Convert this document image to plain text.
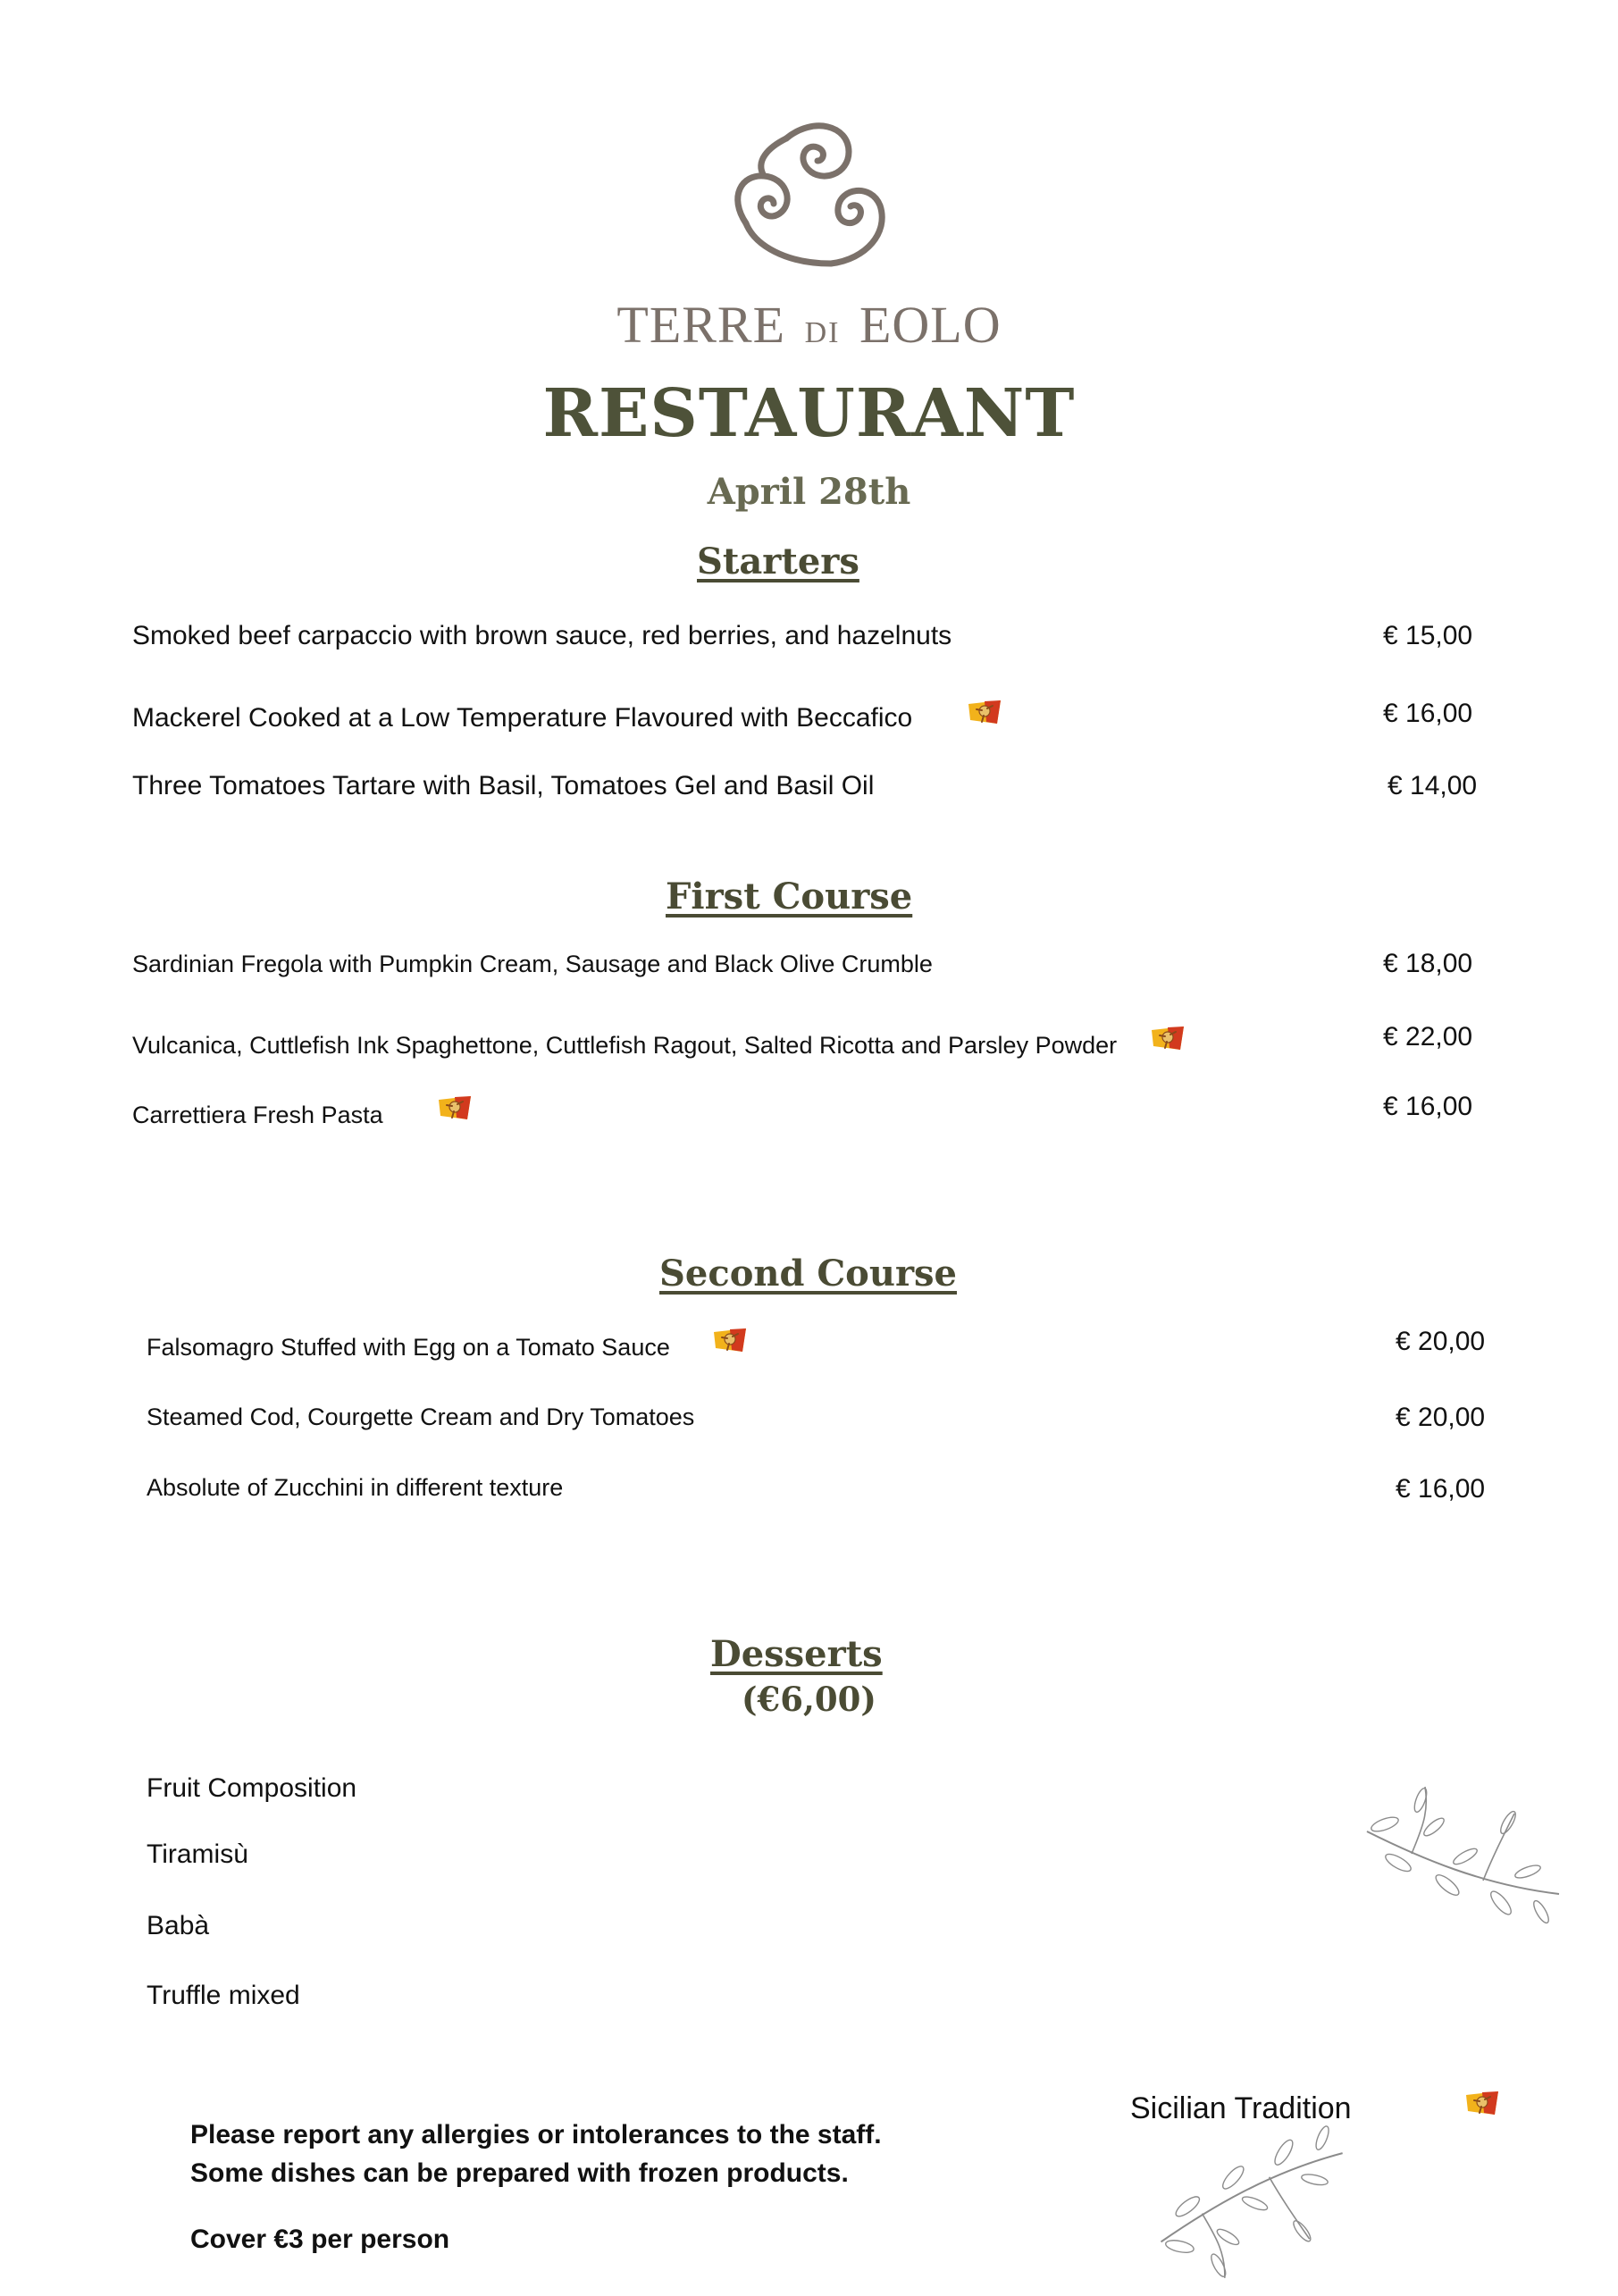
TERRE DI EOLO
RESTAURANT
April 28th
Starters
Smoked beef carpaccio with brown sauce, red berries, and hazelnuts	€ 15,00
Mackerel Cooked at a Low Temperature Flavoured with Beccafico	€ 16,00
Three Tomatoes Tartare with Basil, Tomatoes Gel and Basil Oil	€ 14,00
First Course
Sardinian Fregola with Pumpkin Cream, Sausage and Black Olive Crumble	€ 18,00
Vulcanica, Cuttlefish Ink Spaghettone, Cuttlefish Ragout, Salted Ricotta and Parsley Powder	€ 22,00
Carrettiera Fresh Pasta	€ 16,00
Second Course
Falsomagro Stuffed with Egg on a Tomato Sauce	€ 20,00
Steamed Cod, Courgette Cream and Dry Tomatoes	€ 20,00
Absolute of Zucchini in different texture	€ 16,00
Desserts
(€6,00)
Fruit Composition
Tiramisù
Babà
Truffle mixed
Sicilian Tradition
Please report any allergies or intolerances to the staff.
Some dishes can be prepared with frozen products.
Cover €3 per person
